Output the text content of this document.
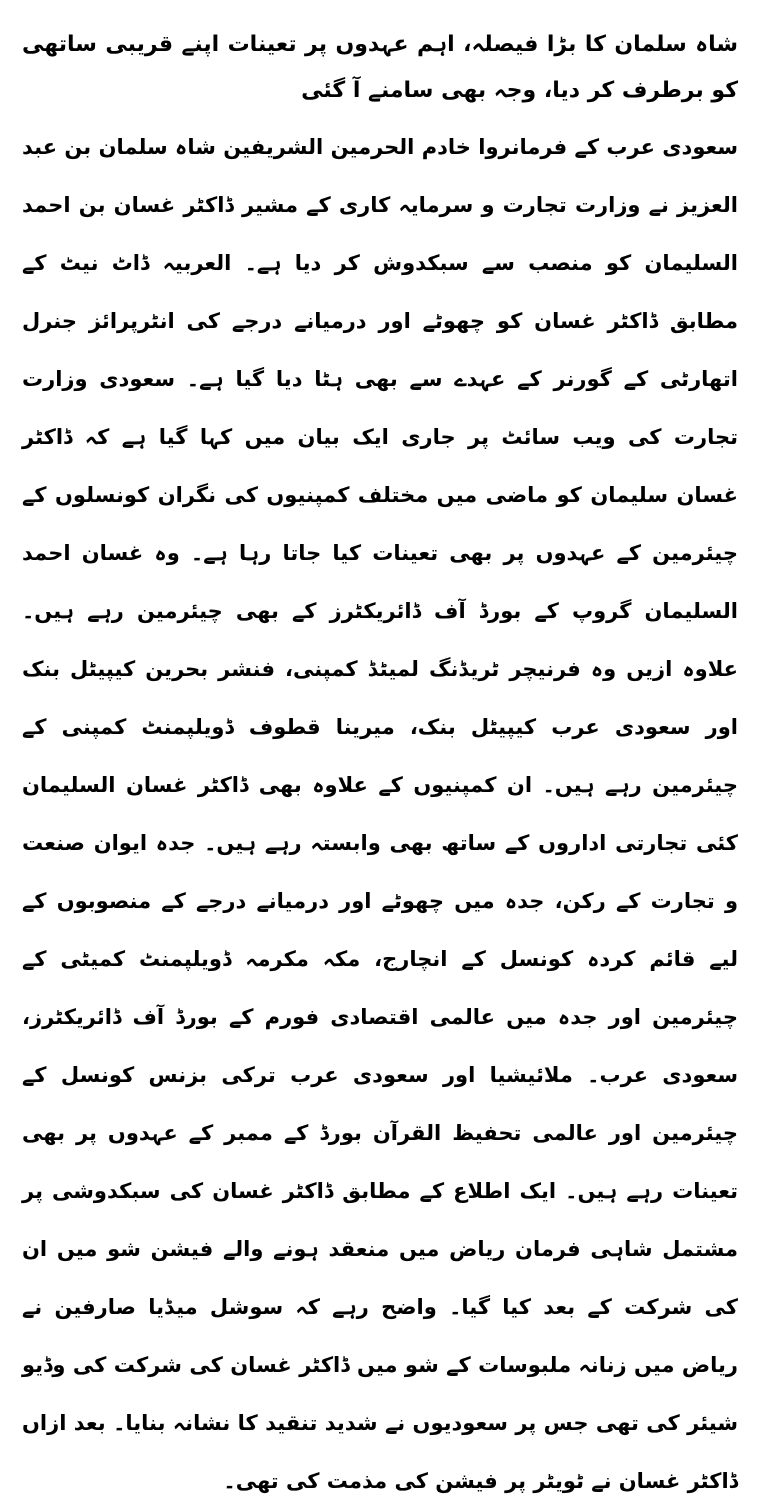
شاہ سلمان کا بڑا فیصلہ، اہم عہدوں پر تعینات اپنے قریبی ساتھی کو برطرف کر دیا، وجہ بھی سامنے آ گئی

سعودی عرب کے فرمانروا خادم الحرمین الشریفین شاہ سلمان بن عبد العزیز نے وزارت تجارت و سرمایہ کاری کے مشیر ڈاکٹر غسان بن احمد السلیمان کو منصب سے سبکدوش کر دیا ہے۔ العربیہ ڈاٹ نیٹ کے مطابق ڈاکٹر غسان کو چھوٹے اور درمیانے درجے کی انٹرپرائز جنرل اتھارٹی کے گورنر کے عہدے سے بھی ہٹا دیا گیا ہے۔ سعودی وزارت تجارت کی ویب سائٹ پر جاری ایک بیان میں کہا گیا ہے کہ ڈاکٹر غسان سلیمان کو ماضی میں مختلف کمپنیوں کی نگران کونسلوں کے چیئرمین کے عہدوں پر بھی تعینات کیا جاتا رہا ہے۔ وہ غسان احمد السلیمان گروپ کے بورڈ آف ڈائریکٹرز کے بھی چیئرمین رہے ہیں۔ علاوہ ازیں وہ فرنیچر ٹریڈنگ لمیٹڈ کمپنی، فنشر بحرین کیپیٹل بنک اور سعودی عرب کیپیٹل بنک، میرینا قطوف ڈویلپمنٹ کمپنی کے چیئرمین رہے ہیں۔ ان کمپنیوں کے علاوہ بھی ڈاکٹر غسان السلیمان کئی تجارتی اداروں کے ساتھ بھی وابستہ رہے ہیں۔ جدہ ایوان صنعت و تجارت کے رکن، جدہ میں چھوٹے اور درمیانے درجے کے منصوبوں کے لیے قائم کردہ کونسل کے انچارج، مکہ مکرمہ ڈویلپمنٹ کمیٹی کے چیئرمین اور جدہ میں عالمی اقتصادی فورم کے بورڈ آف ڈائریکٹرز، سعودی عرب۔ ملائیشیا اور سعودی عرب ترکی بزنس کونسل کے چیئرمین اور عالمی تحفیظ القرآن بورڈ کے ممبر کے عہدوں پر بھی تعینات رہے ہیں۔ ایک اطلاع کے مطابق ڈاکٹر غسان کی سبکدوشی پر مشتمل شاہی فرمان ریاض میں منعقد ہونے والے فیشن شو میں ان کی شرکت کے بعد کیا گیا۔ واضح رہے کہ سوشل میڈیا صارفین نے ریاض میں زنانہ ملبوسات کے شو میں ڈاکٹر غسان کی شرکت کی وڈیو شیئر کی تھی جس پر سعودیوں نے شدید تنقید کا نشانہ بنایا۔ بعد ازاں ڈاکٹر غسان نے ٹویٹر پر فیشن کی مذمت کی تھی۔
